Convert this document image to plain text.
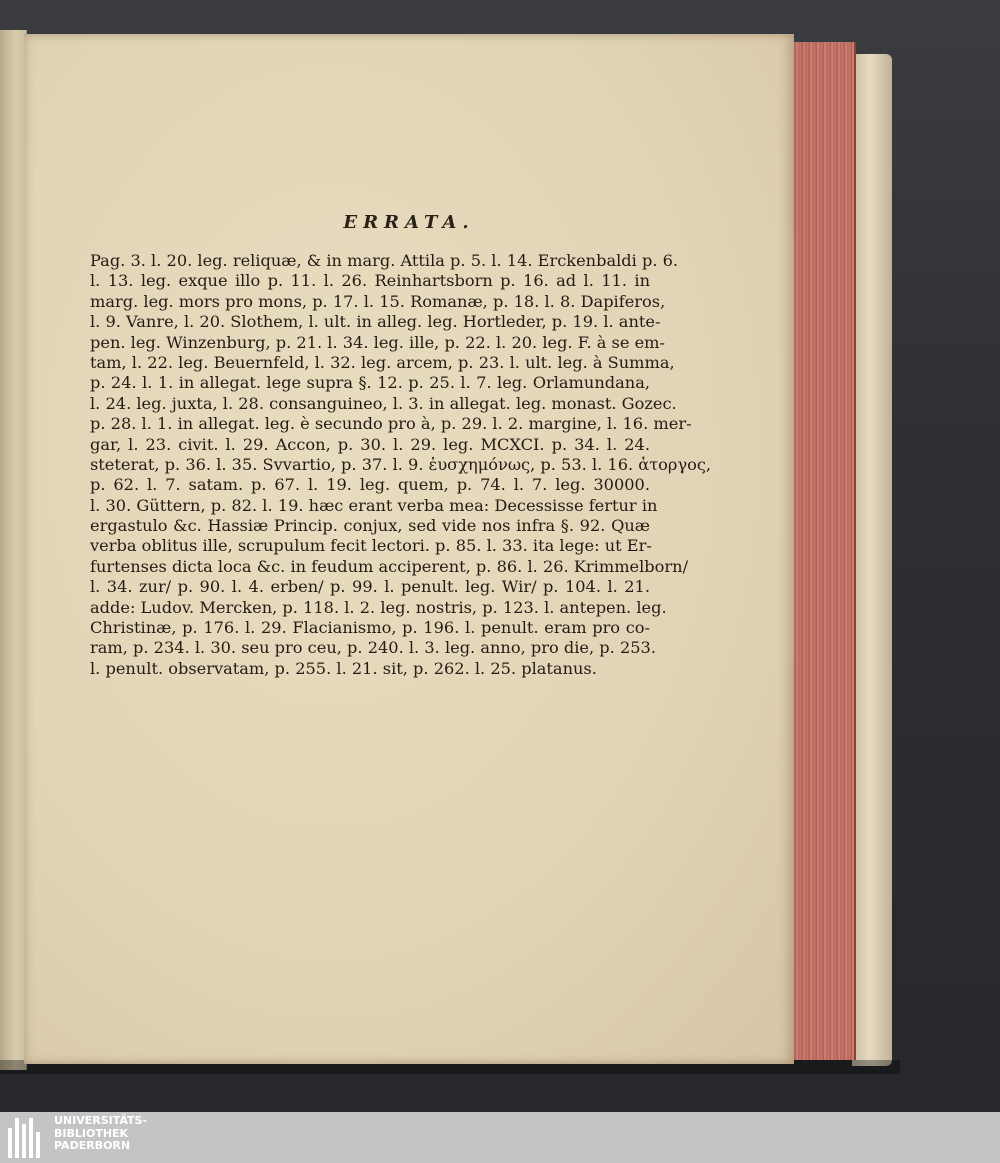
ERRATA.
Pag. 3. l. 20. leg. reliquæ, & in marg. Attila p. 5. l. 14. Erckenbaldi p. 6.
l. 13. leg. exque illo p. 11. l. 26. Reinhartsborn p. 16. ad l. 11. in
marg. leg. mors pro mons, p. 17. l. 15. Romanæ, p. 18. l. 8. Dapiferos,
l. 9. Vanre, l. 20. Slothem, l. ult. in alleg. leg. Hortleder, p. 19. l. ante-
pen. leg. Winzenburg, p. 21. l. 34. leg. ille, p. 22. l. 20. leg. F. à se em-
tam, l. 22. leg. Beuernfeld, l. 32. leg. arcem, p. 23. l. ult. leg. à Summa,
p. 24. l. 1. in allegat. lege supra §. 12. p. 25. l. 7. leg. Orlamundana,
l. 24. leg. juxta, l. 28. consanguineo, l. 3. in allegat. leg. monast. Gozec.
p. 28. l. 1. in allegat. leg. è secundo pro à, p. 29. l. 2. margine, l. 16. mer-
gar, l. 23. civit. l. 29. Accon, p. 30. l. 29. leg. MCXCI. p. 34. l. 24.
steterat, p. 36. l. 35. Svvartio, p. 37. l. 9. ἐυσχημόνως, p. 53. l. 16. ἀτοργος,
p. 62. l. 7. satam. p. 67. l. 19. leg. quem, p. 74. l. 7. leg. 30000.
l. 30. Güttern, p. 82. l. 19. hæc erant verba mea: Decessisse fertur in
ergastulo &c. Hassiæ Princip. conjux, sed vide nos infra §. 92. Quæ
verba oblitus ille, scrupulum fecit lectori. p. 85. l. 33. ita lege: ut Er-
furtenses dicta loca &c. in feudum acciperent, p. 86. l. 26. Krimmelborn/
l. 34. zur/ p. 90. l. 4. erben/ p. 99. l. penult. leg. Wir/ p. 104. l. 21.
adde: Ludov. Mercken, p. 118. l. 2. leg. nostris, p. 123. l. antepen. leg.
Christinæ, p. 176. l. 29. Flacianismo, p. 196. l. penult. eram pro co-
ram, p. 234. l. 30. seu pro ceu, p. 240. l. 3. leg. anno, pro die, p. 253.
l. penult. observatam, p. 255. l. 21. sit, p. 262. l. 25. platanus.
UNIVERSITÄTS-
BIBLIOTHEK
PADERBORN
